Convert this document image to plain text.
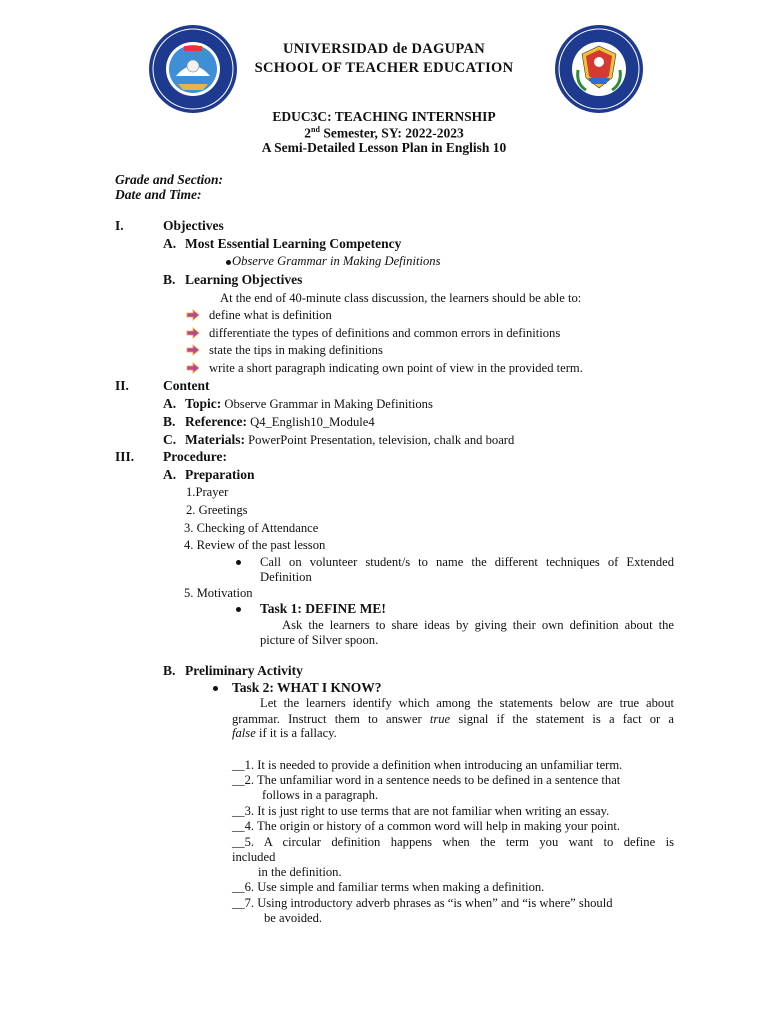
UNIVERSIDAD de DAGUPAN
SCHOOL OF TEACHER EDUCATION
EDUC3C: TEACHING INTERNSHIP
2nd Semester, SY: 2022-2023
A Semi-Detailed Lesson Plan in English 10
Grade and Section:
Date and Time:
I.	Objectives
A. Most Essential Learning Competency
Observe Grammar in Making Definitions
B. Learning Objectives
At the end of 40-minute class discussion, the learners should be able to:
define what is definition
differentiate the types of definitions and common errors in definitions
state the tips in making definitions
write a short paragraph indicating own point of view in the provided term.
II.	Content
A. Topic: Observe Grammar in Making Definitions
B. Reference: Q4_English10_Module4
C. Materials: PowerPoint Presentation, television, chalk and board
III. Procedure:
A. Preparation
1.Prayer
2. Greetings
3. Checking of Attendance
4. Review of the past lesson
Call on volunteer student/s to name the different techniques of Extended
Definition
5. Motivation
Task 1: DEFINE ME!
Ask the learners to share ideas by giving their own definition about the
picture of Silver spoon.
B. Preliminary Activity
Task 2: WHAT I KNOW?
Let the learners identify which among the statements below are true about
grammar. Instruct them to answer true signal if the statement is a fact or a
false if it is a fallacy.
__1. It is needed to provide a definition when introducing an unfamiliar term.
__2. The unfamiliar word in a sentence needs to be defined in a sentence that
follows in a paragraph.
__3. It is just right to use terms that are not familiar when writing an essay.
__4. The origin or history of a common word will help in making your point.
__5. A circular definition happens when the term you want to define is
included
in the definition.
__6. Use simple and familiar terms when making a definition.
__7. Using introductory adverb phrases as “is when” and “is where” should
be avoided.
